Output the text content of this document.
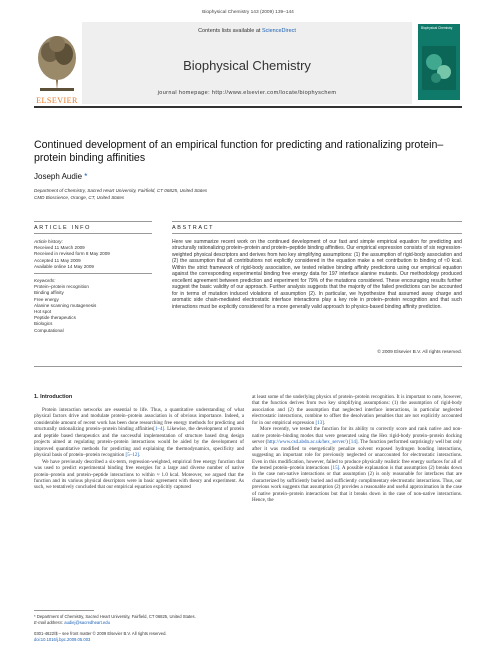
Biophysical Chemistry 143 (2009) 139–144
Contents lists available at ScienceDirect
Biophysical Chemistry
journal homepage: http://www.elsevier.com/locate/biophyschem
ELSEVIER
Biophysical Chemistry
Continued development of an empirical function for predicting and rationalizing protein–protein binding affinities
Joseph Audie *
Department of Chemistry, Sacred Heart University, Fairfield, CT 06825, United States
CMD Bioscience, Orange, CT, United States
ARTICLE INFO	ABSTRACT
Article history:
Received 11 March 2009
Received in revised form 8 May 2009
Accepted 11 May 2009
Available online 14 May 2009
Keywords:
Protein–protein recognition
Binding affinity
Free energy
Alanine scanning mutagenesis
Hot spot
Peptide therapeutics
Biologics
Computational
Here we summarize recent work on the continued development of our fast and simple empirical equation for predicting and structurally rationalizing protein–protein and protein–peptide binding affinities. Our empirical expression consists of six regression-weighted physical descriptors and derives from two key simplifying assumptions: (1) the assumption of rigid-body association and (2) the assumption that all contributions not explicitly considered in the equation make a net contribution to binding of ≈0 kcal. Within the strict framework of rigid-body association, we tested relative binding affinity predictions using our empirical equation against the corresponding experimental binding free energy data for 197 interface alanine mutants. Our methodology produced excellent agreement between prediction and experiment for 79% of the mutations considered. These encouraging results further suggest the basic validity of our approach. Further analysis suggests that the majority of the failed predictions can be accounted for in terms of mutation induced violations of assumption (2). In particular, we hypothesize that assumed away charge and aromatic side chain-mediated electrostatic interface interactions play a key role in protein–protein recognition and that such interactions must be explicitly considered for a more generally valid approach to physics-based binding affinity prediction.
© 2009 Elsevier B.V. All rights reserved.
1. Introduction

Protein interaction networks are essential to life. Thus, a quantitative understanding of what physical factors drive and modulate protein–protein association is of obvious importance. Indeed, a considerable amount of recent work has been done researching free energy methods for predicting and structurally rationalizing protein–protein binding affinities[1–4]. Likewise, the development of protein and peptide based therapeutics and the successful implementation of structure based drug design projects aimed at regulating protein–protein interactions would be aided by the development of improved quantitative methods for predicting and explaining the thermodynamics, specificity and physical basis of protein–protein recognition [5–12].

We have previously described a six-term, regression-weighted, empirical free energy function that was used to predict experimental binding free energies for a large and diverse number of native protein–protein and protein–peptide interactions to within ≈ 1.0 kcal. Moreover, we argued that the function and its various physical descriptors were in basic agreement with theory and experiment. As such, we tentatively concluded that our empirical equation explicitly captured

at least some of the underlying physics of protein–protein recognition. It is important to note, however, that the function derives from two key simplifying assumptions: (1) the assumption of rigid-body association and (2) the assumption that neglected interface interactions, in particular neglected electrostatic interactions, combine to offset the desolvation penalties that are not explicitly accounted for in our empirical expression [13].

More recently, we tested the function for its ability to correctly score and rank native and non-native protein–binding modes that were generated using the Hex rigid-body protein–protein docking server (http://www.csd.abdn.ac.uk/hex_server/) [14]. The function performed surprisingly well but only after it was modified to energetically penalize solvent exposed hydrogen bonding interactions, suggesting an important role for previously neglected or unaccounted for electrostatic interactions. Even in this modification, however, failed to produce physically realistic free energy surfaces for all of the tested protein–protein interactions [15]. A possible explanation is that assumption (2) breaks down in the case non-native interactions or that assumption (2) is only reasonable for interfaces that are characterized by sufficiently buried and sufficiently complimentary electrostatic interactions. Thus, our previous work suggests that assumption (2) provides a reasonable and useful approximation in the case of native protein–protein interactions but that it breaks down in the case of non-native interactions. Hence, the

* Department of Chemistry, Sacred Heart University, Fairfield, CT 06825, United States.
E-mail address: audiej@sacredheart.edu
0301-4622/$ – see front matter © 2009 Elsevier B.V. All rights reserved.
doi:10.1016/j.bpc.2009.05.003
